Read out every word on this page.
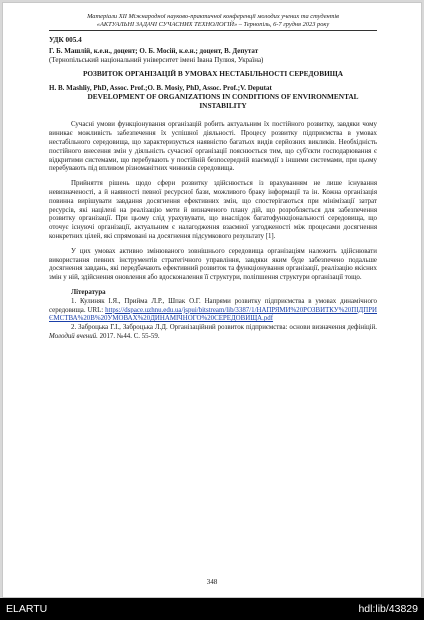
Матеріали ХІІ Міжнародної науково-практичної конференції молодих учених та студентів
«АКТУАЛЬНІ ЗАДАЧІ СУЧАСНИХ ТЕХНОЛОГІЙ» – Тернопіль, 6-7 грудня 2023 року
УДК 005.4
Г. Б. Машлій, к.е.н., доцент; О. Б. Мосій, к.е.н.; доцент, В. Депутат
(Тернопільський національний університет імені Івана Пулюя, Україна)
РОЗВИТОК ОРГАНІЗАЦІЙ В УМОВАХ НЕСТАБІЛЬНОСТІ СЕРЕДОВИЩА
H. B. Mashliy, PhD, Assoc. Prof.;O. B. Mosiy, PhD, Assoc. Prof.;V. Deputat
DEVELOPMENT OF ORGANIZATIONS IN CONDITIONS OF ENVIRONMENTAL INSTABILITY

Сучасні умови функціонування організацій робить актуальним їх постійного розвитку, завдяки чому виникає можливість забезпечення їх успішної діяльності. Процесу розвитку підприємства в умовах нестабільного середовища, що характеризується наявністю багатьох видів серйозних викликів. Необхідність постійного внесення змін у діяльність сучасної організації пояснюється тим, що суб'єкти господарювання є відкритими системами, що перебувають у постійній безпосередній взаємодії з іншими системами, при цьому перебувають під впливом різноманітних чинників середовища.

Прийняття рішень щодо сфери розвитку здійснюється із врахуванням не лише існування невизначеності, а й наявності певної ресурсної бази, можливого браку інформації та ін. Кожна організація повинна вирішувати завдання досягнення ефективних змін, що спостерігаються при мінімізації затрат ресурсів, які націлені на реалізацію мети й визначеного плану дій, що розробляється для забезпечення розвитку організації. При цьому слід урахувувати, що внаслідок багатофункціональності середовища, що оточує існуючі організації, актуальним є налагодження взаємної узгодженості між процесами досягнення конкретних цілей, які спрямовані на досягнення підсумкового результату [1].

У цих умовах активно змінюваного зовнішнього середовища організаціям належить здійснювати використання певних інструментів стратегічного управління, завдяки яким буде забезпечено подальше досягнення завдань, які передбачають ефективний розвиток та функціонування організації, реалізацію якісних змін у ній, здійснення оновлення або вдосконалення її структури, поліпшення структури організації тощо.

Література
1. Кулиняк І.Я., Приймa Л.Р., Шпак О.Г. Напрями розвитку підприємства в умовах динамічного середовища. URL: https://dspace.uzhnu.edu.ua/jspui/bitstream/lib/3387/1/НАПРЯМИ%20РОЗВИТКУ%20ПІДПРИЄМСТВА%20В%20УМОВАХ%20ДИНАМІЧНОГО%20СЕРЕДОВИЩА.pdf
2. Заброцька Г.І., Заброцька Л.Д. Організаційний розвиток підприємства: основи визначення дефініцій. Молодий вчений. 2017. №44. С. 55-59.
348
ELARTU	hdl:lib/43829
